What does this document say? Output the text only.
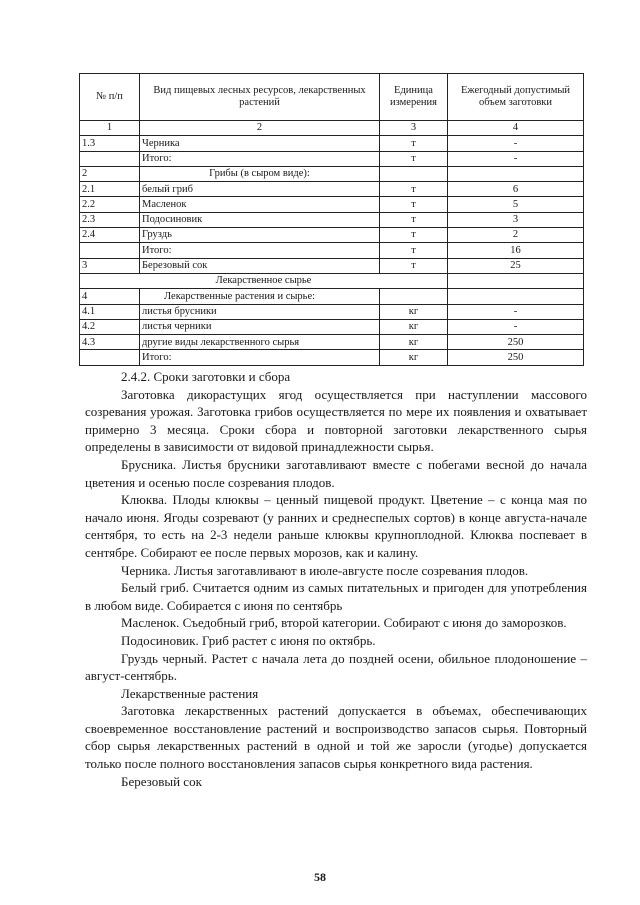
№ п/п	Вид пищевых лесных ресурсов, лекарственных растений	Единица измерения	Ежегодный допустимый объем заготовки
1	2	3	4
1.3	Черника	т	-
	Итого:	т	-
2	Грибы (в сыром виде):		
2.1	белый гриб	т	6
2.2	Масленок	т	5
2.3	Подосиновик	т	3
2.4	Груздь	т	2
	Итого:	т	16
3	Березовый сок	т	25
Лекарственное сырье			
4	Лекарственные растения и сырье:		
4.1	листья брусники	кг	-
4.2	листья черники	кг	-
4.3	другие виды лекарственного сырья	кг	250
	Итого:	кг	250

2.4.2. Сроки заготовки и сбора

Заготовка дикорастущих ягод осуществляется при наступлении массового созревания урожая. Заготовка грибов осуществляется по мере их появления и охватывает примерно 3 месяца. Сроки сбора и повторной заготовки лекарственного сырья определены в зависимости от видовой принадлежности сырья.

Брусника. Листья брусники заготавливают вместе с побегами весной до начала цветения и осенью после созревания плодов.

Клюква. Плоды клюквы – ценный пищевой продукт. Цветение – с конца мая по начало июня. Ягоды созревают (у ранних и среднеспелых сортов) в конце августа-начале сентября, то есть на 2-3 недели раньше клюквы крупноплодной. Клюква поспевает в сентябре. Собирают ее после первых морозов, как и калину.

Черника. Листья заготавливают в июле-августе после созревания плодов.

Белый гриб. Считается одним из самых питательных и пригоден для употребления в любом виде. Собирается с июня по сентябрь

Масленок. Съедобный гриб, второй категории. Собирают с июня до заморозков.

Подосиновик. Гриб растет с июня по октябрь.

Груздь черный. Растет с начала лета до поздней осени, обильное плодоношение – август-сентябрь.

Лекарственные растения

Заготовка лекарственных растений допускается в объемах, обеспечивающих своевременное восстановление растений и воспроизводство запасов сырья. Повторный сбор сырья лекарственных растений в одной и той же заросли (угодье) допускается только после полного восстановления запасов сырья конкретного вида растения.

Березовый сок

58
